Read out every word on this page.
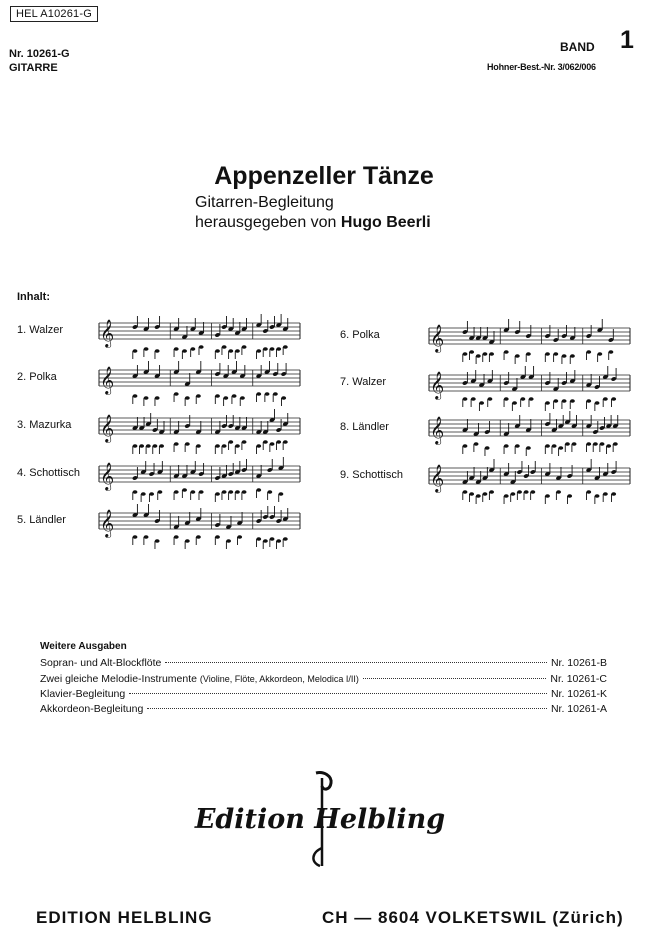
HEL A10261-G
Nr. 10261-G
GITARRE
BAND 1
Hohner-Best.-Nr. 3/062/006
Appenzeller Tänze
Gitarren-Begleitung
herausgegeben von Hugo Beerli
Inhalt:
1. Walzer
2. Polka
3. Mazurka
4. Schottisch
5. Ländler
6. Polka
7. Walzer
8. Ländler
9. Schottisch
𝄞
𝄞
𝄞
𝄞
𝄞
𝄞
𝄞
𝄞
𝄞
Weitere Ausgaben
Sopran- und Alt-Blockflöte	Nr. 10261-B
Zwei gleiche Melodie-Instrumente
(Violine, Flöte, Akkordeon, Melodica I/II)	Nr. 10261-C
Klavier-Begleitung	Nr. 10261-K
Akkordeon-Begleitung	Nr. 10261-A
Edition Helbling
EDITION HELBLING	CH — 8604 VOLKETSWIL (Zürich)
